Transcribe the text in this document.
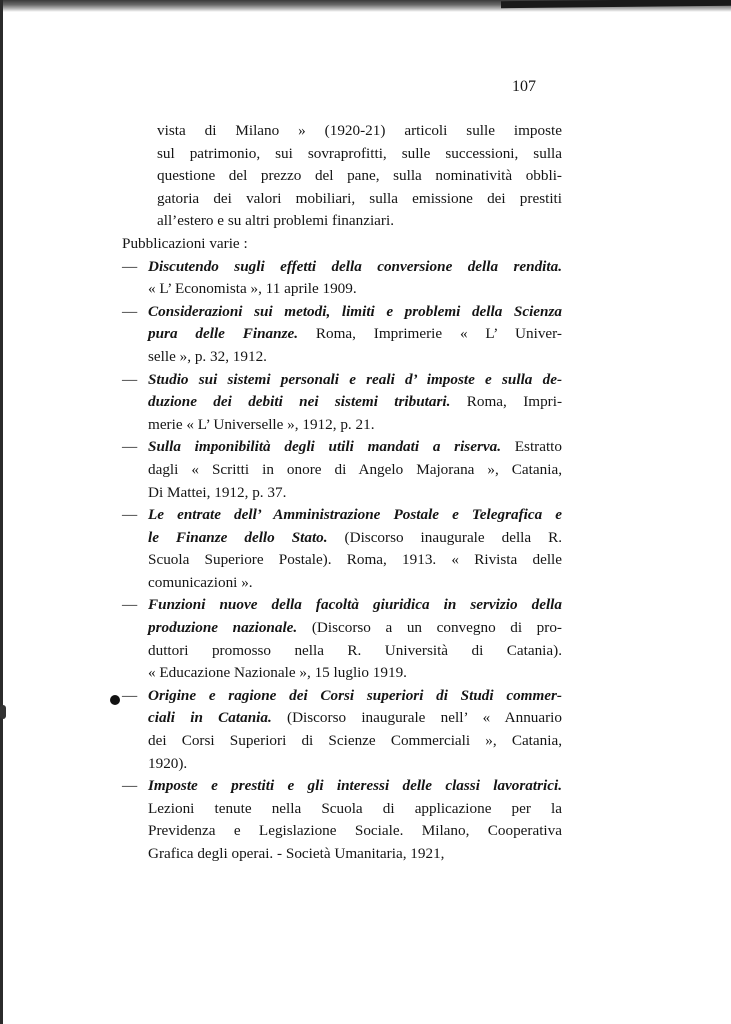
107
vista di Milano » (1920-21) articoli sulle imposte
sul patrimonio, sui sovraprofitti, sulle successioni, sulla
questione del prezzo del pane, sulla nominatività obbli-
gatoria dei valori mobiliari, sulla emissione dei prestiti
all’estero e su altri problemi finanziari.
Pubblicazioni varie :
— Discutendo sugli effetti della conversione della rendita.
« L’ Economista », 11 aprile 1909.
— Considerazioni sui metodi, limiti e problemi della Scienza
pura delle Finanze. Roma, Imprimerie « L’ Univer-
selle », p. 32, 1912.
— Studio sui sistemi personali e reali d’ imposte e sulla de-
duzione dei debiti nei sistemi tributari. Roma, Impri-
merie « L’ Universelle », 1912, p. 21.
— Sulla imponibilità degli utili mandati a riserva. Estratto
dagli « Scritti in onore di Angelo Majorana », Catania,
Di Mattei, 1912, p. 37.
— Le entrate dell’ Amministrazione Postale e Telegrafica e
le Finanze dello Stato. (Discorso inaugurale della R.
Scuola Superiore Postale). Roma, 1913. « Rivista delle
comunicazioni ».
— Funzioni nuove della facoltà giuridica in servizio della
produzione nazionale. (Discorso a un convegno di pro-
duttori promosso nella R. Università di Catania).
« Educazione Nazionale », 15 luglio 1919.
— Origine e ragione dei Corsi superiori di Studi commer-
ciali in Catania. (Discorso inaugurale nell’ « Annuario
dei Corsi Superiori di Scienze Commerciali », Catania,
1920).
— Imposte e prestiti e gli interessi delle classi lavoratrici.
Lezioni tenute nella Scuola di applicazione per la
Previdenza e Legislazione Sociale. Milano, Cooperativa
Grafica degli operai. - Società Umanitaria, 1921,
